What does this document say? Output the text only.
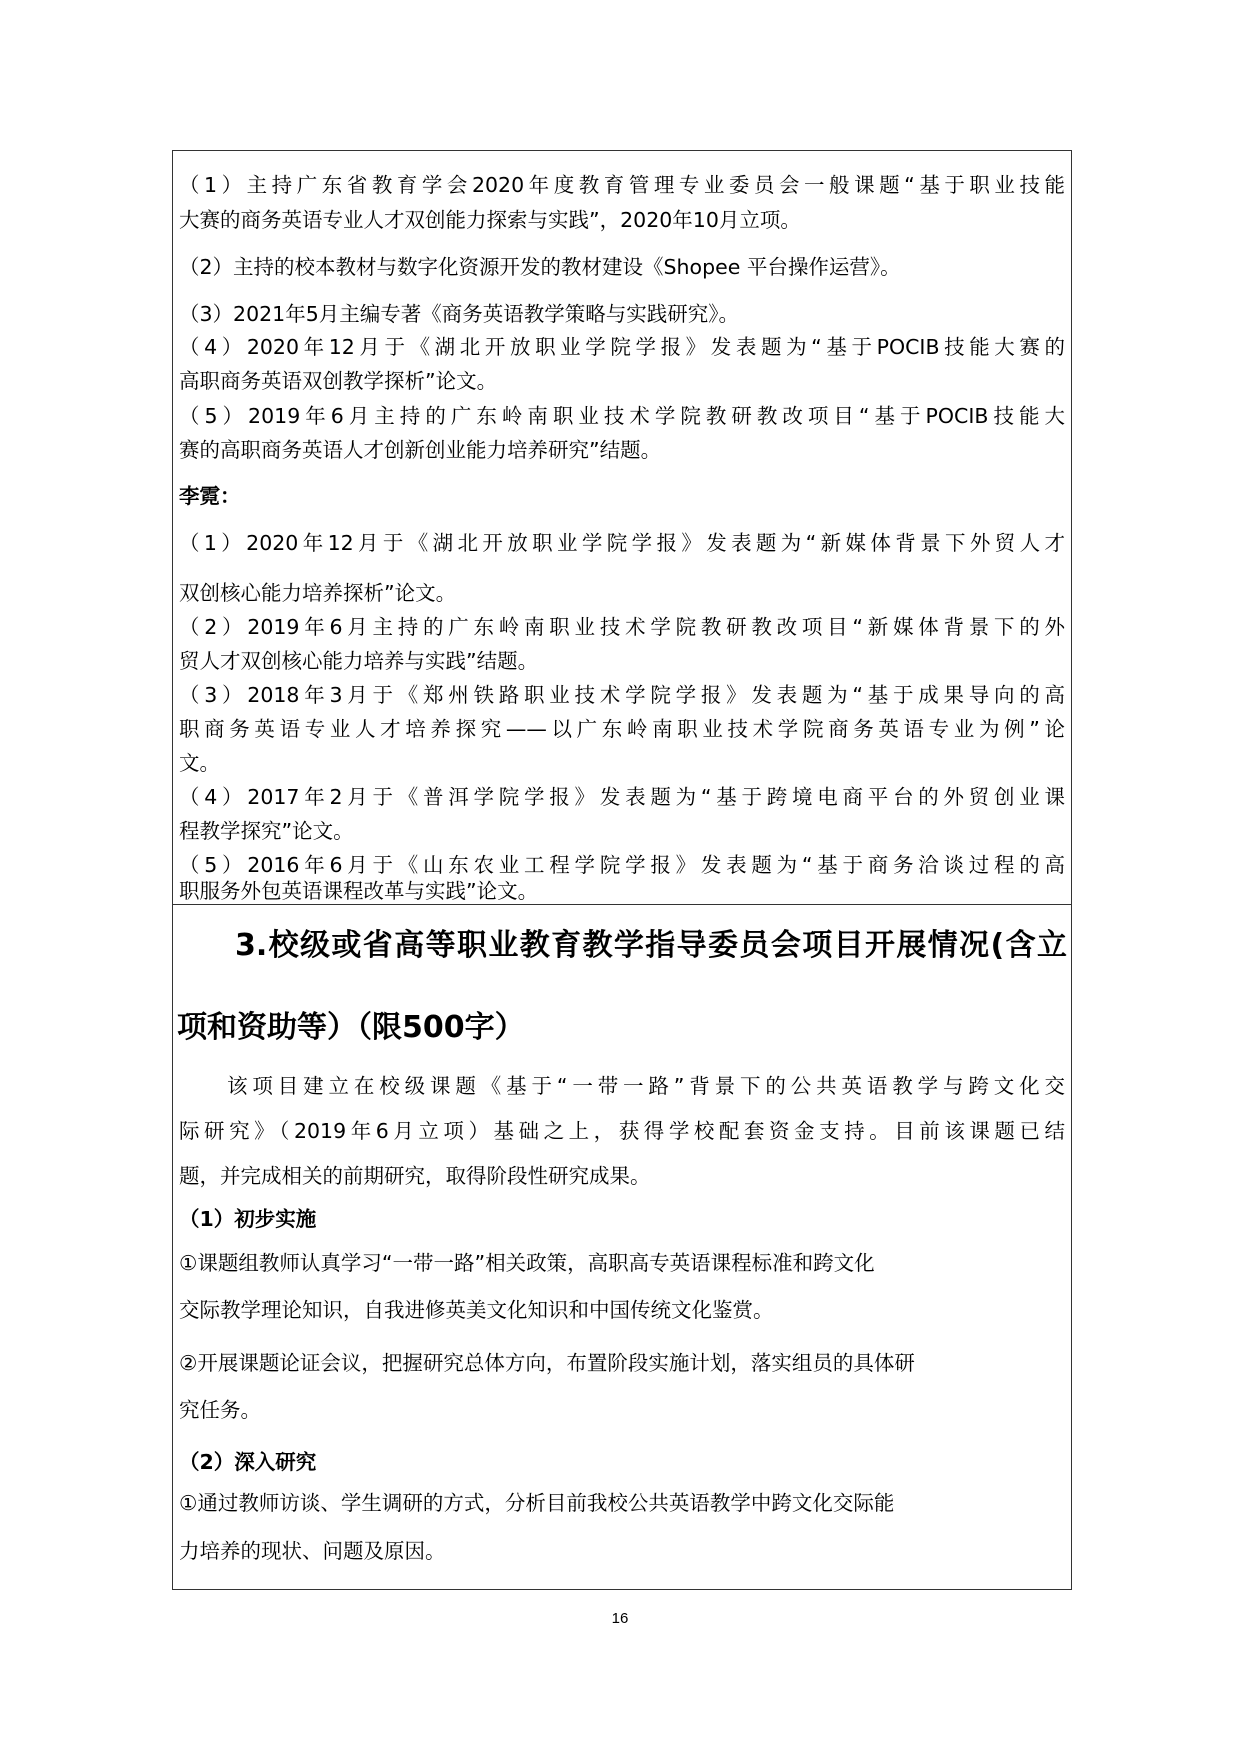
（1）主持广东省教育学会2020年度教育管理专业委员会一般课题“基于职业技能

大赛的商务英语专业人才双创能力探索与实践”，2020年10月立项。

（2）主持的校本教材与数字化资源开发的教材建设《Shopee 平台操作运营》。

（3）2021年5月主编专著《商务英语教学策略与实践研究》。

（4）2020年12月于《湖北开放职业学院学报》发表题为“基于POCIB技能大赛的

高职商务英语双创教学探析”论文。

（5）2019年6月主持的广东岭南职业技术学院教研教改项目“基于POCIB技能大

赛的高职商务英语人才创新创业能力培养研究”结题。

李霓：

（1）2020年12月于《湖北开放职业学院学报》发表题为“新媒体背景下外贸人才

双创核心能力培养探析”论文。

（2）2019年6月主持的广东岭南职业技术学院教研教改项目“新媒体背景下的外

贸人才双创核心能力培养与实践”结题。

（3）2018年3月于《郑州铁路职业技术学院学报》发表题为“基于成果导向的高

职商务英语专业人才培养探究——以广东岭南职业技术学院商务英语专业为例”论

文。

（4）2017年2月于《普洱学院学报》发表题为“基于跨境电商平台的外贸创业课

程教学探究”论文。

（5）2016年6月于《山东农业工程学院学报》发表题为“基于商务洽谈过程的高

职服务外包英语课程改革与实践”论文。

3.校级或省高等职业教育教学指导委员会项目开展情况(含立
项和资助等）（限500字）

该项目建立在校级课题《基于“一带一路”背景下的公共英语教学与跨文化交

际研究》（2019年6月立项）基础之上，获得学校配套资金支持。目前该课题已结

题，并完成相关的前期研究，取得阶段性研究成果。

（1）初步实施

①课题组教师认真学习“一带一路”相关政策，高职高专英语课程标准和跨文化

交际教学理论知识，自我进修英美文化知识和中国传统文化鉴赏。

②开展课题论证会议，把握研究总体方向，布置阶段实施计划，落实组员的具体研

究任务。

（2）深入研究

①通过教师访谈、学生调研的方式，分析目前我校公共英语教学中跨文化交际能

力培养的现状、问题及原因。

16
